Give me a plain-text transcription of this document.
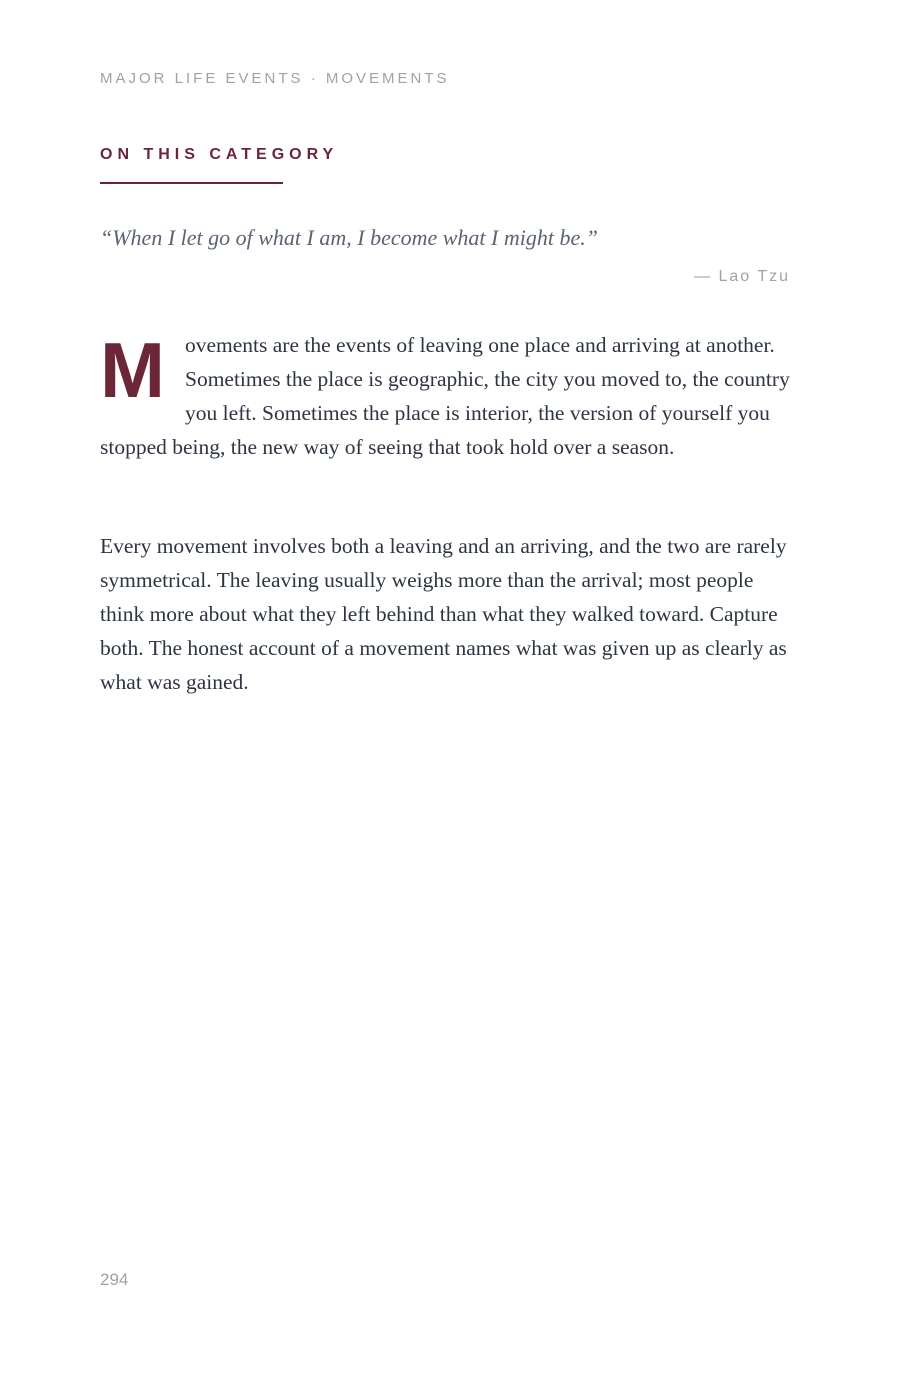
MAJOR LIFE EVENTS · MOVEMENTS
ON THIS CATEGORY
“When I let go of what I am, I become what I might be.”
— Lao Tzu

Movements are the events of leaving one place and arriving at another. Sometimes the place is geographic, the city you moved to, the country you left. Sometimes the place is interior, the version of yourself you stopped being, the new way of seeing that took hold over a season.

Every movement involves both a leaving and an arriving, and the two are rarely symmetrical. The leaving usually weighs more than the arrival; most people think more about what they left behind than what they walked toward. Capture both. The honest account of a movement names what was given up as clearly as what was gained.

294
